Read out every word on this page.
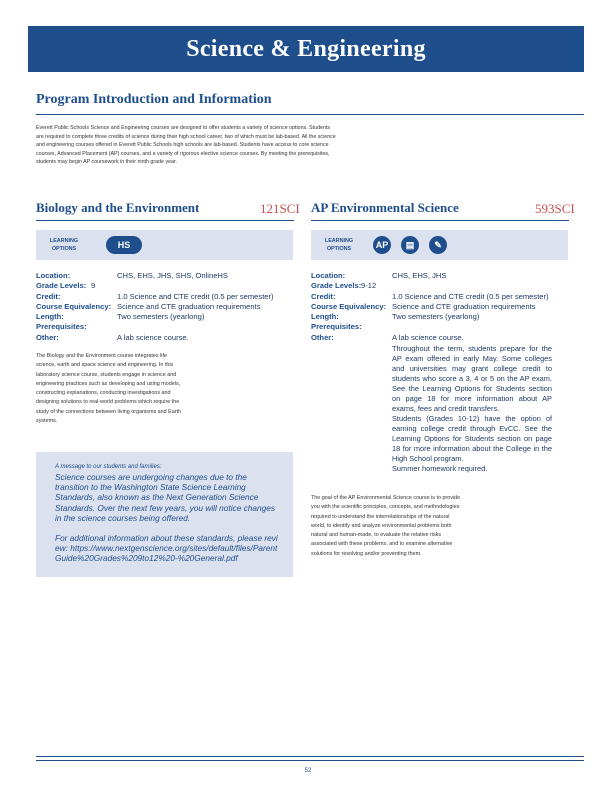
Science & Engineering
Program Introduction and Information
Everett Public Schools Science and Engineering courses are designed to offer students a variety of science options. Students are required to complete three credits of science during their high school career, two of which must be lab-based. All the science and engineering courses offered in Everett Public Schools high schools are lab-based. Students have access to core science courses, Advanced Placement (AP) courses, and a variety of rigorous elective science courses. By meeting the prerequisites, students may begin AP coursework in their ninth grade year.
Biology and the Environment	121SCI
LEARNING OPTIONS	HS
Location:	CHS, EHS, JHS, SHS, OnlineHS
Grade Levels: 9
Credit:	1.0 Science and CTE credit (0.5 per semester)
Course Equivalency: Science and CTE graduation requirements
Length:	Two semesters (yearlong)
Prerequisites:
Other:	A lab science course.
The Biology and the Environment course integrates life science, earth and space science and engineering. In this laboratory science course, students engage in science and engineering practices such as developing and using models, constructing explanations, conducting investigations and designing solutions to real-world problems which require the study of the connections between living organisms and Earth systems.

A message to our students and families:

Science courses are undergoing changes due to the transition to the Washington State Science Learning Standards, also known as the Next Generation Science Standards. Over the next few years, you will notice changes in the science courses being offered.

For additional information about these standards, please review: https://www.nextgenscience.org/sites/default/files/ParentGuide%20Grades%209to12%20-%20General.pdf

AP Environmental Science	593SCI
LEARNING OPTIONS	AP	▤	✎
Location:	CHS, EHS, JHS
Grade Levels: 9-12
Credit:	1.0 Science and CTE credit (0.5 per semester)
Course Equivalency: Science and CTE graduation requirements
Length:	Two semesters (yearlong)
Prerequisites:
Other:	A lab science course.

Throughout the term, students prepare for the AP exam offered in early May. Some colleges and universities may grant college credit to students who score a 3, 4 or 5 on the AP exam. See the Learning Options for Students section on page 18 for more information about AP exams, fees and credit transfers.

Students (Grades 10-12) have the option of earning college credit through EvCC. See the Learning Options for Students section on page 18 for more information about the College in the High School program.

Summer homework required.

The goal of the AP Environmental Science course is to provide you with the scientific principles, concepts, and methodologies required to understand the interrelationships of the natural world, to identify and analyze environmental problems both natural and human-made, to evaluate the relative risks associated with these problems, and to examine alternative solutions for resolving and/or preventing them.
52
